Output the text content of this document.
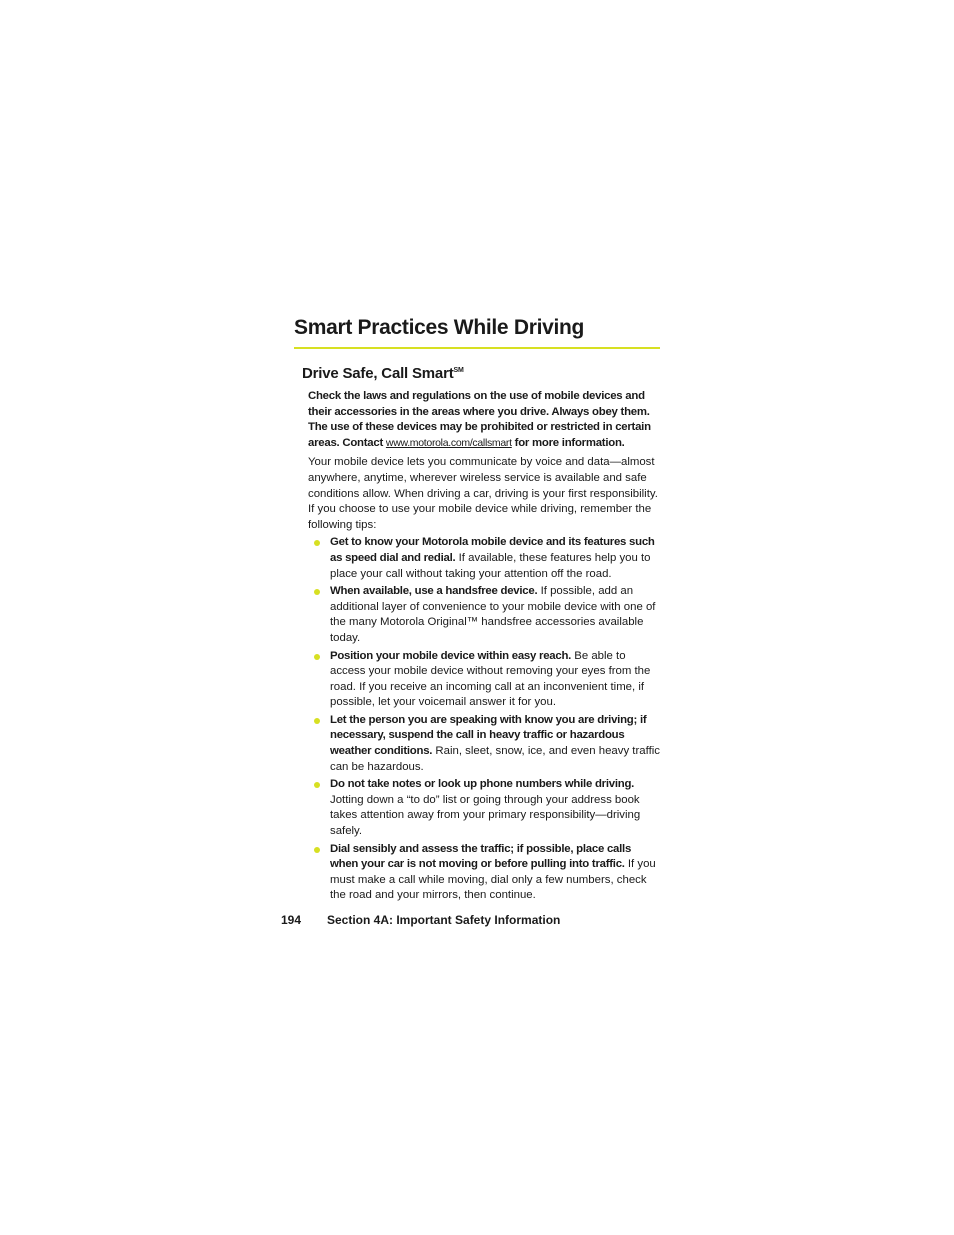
Smart Practices While Driving
Drive Safe, Call Smart℠

Check the laws and regulations on the use of mobile devices and their accessories in the areas where you drive. Always obey them. The use of these devices may be prohibited or restricted in certain areas. Contact www.motorola.com/callsmart for more information.

Your mobile device lets you communicate by voice and data—almost anywhere, anytime, wherever wireless service is available and safe conditions allow. When driving a car, driving is your first responsibility. If you choose to use your mobile device while driving, remember the following tips:

Get to know your Motorola mobile device and its features such as speed dial and redial. If available, these features help you to place your call without taking your attention off the road.
When available, use a handsfree device. If possible, add an additional layer of convenience to your mobile device with one of the many Motorola Original™ handsfree accessories available today.
Position your mobile device within easy reach. Be able to access your mobile device without removing your eyes from the road. If you receive an incoming call at an inconvenient time, if possible, let your voicemail answer it for you.
Let the person you are speaking with know you are driving; if necessary, suspend the call in heavy traffic or hazardous weather conditions. Rain, sleet, snow, ice, and even heavy traffic can be hazardous.
Do not take notes or look up phone numbers while driving. Jotting down a “to do” list or going through your address book takes attention away from your primary responsibility—driving safely.
Dial sensibly and assess the traffic; if possible, place calls when your car is not moving or before pulling into traffic. If you must make a call while moving, dial only a few numbers, check the road and your mirrors, then continue.
194 Section 4A: Important Safety Information
